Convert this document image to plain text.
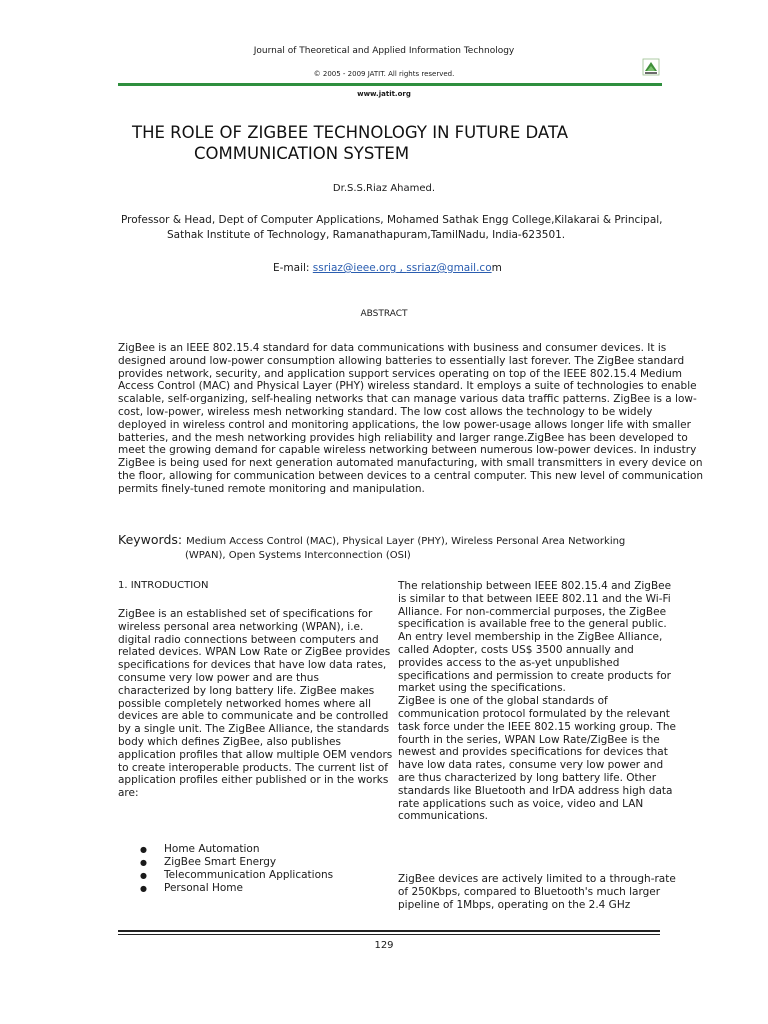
Journal of Theoretical and Applied Information Technology
© 2005 - 2009 JATIT. All rights reserved.
www.jatit.org
THE ROLE OF ZIGBEE TECHNOLOGY IN FUTURE DATA
COMMUNICATION SYSTEM
Dr.S.S.Riaz Ahamed.
Professor & Head, Dept of Computer Applications, Mohamed Sathak Engg College,Kilakarai & Principal,
Sathak Institute of Technology, Ramanathapuram,TamilNadu, India-623501.
E-mail: ssriaz@ieee.org , ssriaz@gmail.com
ABSTRACT

ZigBee is an IEEE 802.15.4 standard for data communications with business and consumer devices. It is designed around low-power consumption allowing batteries to essentially last forever. The ZigBee standard

provides network, security, and application support services operating on top of the IEEE 802.15.4 Medium

Access Control (MAC) and Physical Layer (PHY) wireless standard. It employs a suite of technologies to enable scalable, self-organizing, self-healing networks that can manage various data traffic patterns. ZigBee is a low-cost, low-power, wireless mesh networking standard. The low cost allows the technology to be widely deployed in wireless control and monitoring applications, the low power-usage allows longer life with smaller batteries, and the mesh networking provides high reliability and larger range.ZigBee has been developed to meet the growing demand for capable wireless networking between numerous low-power devices. In industry ZigBee is being used for next generation automated manufacturing, with small transmitters in every device on the floor, allowing for communication between devices to a central computer. This new level of communication permits finely-tuned remote monitoring and manipulation.

Keywords: Medium Access Control (MAC), Physical Layer (PHY), Wireless Personal Area Networking
(WPAN), Open Systems Interconnection (OSI)
1. INTRODUCTION

ZigBee is an established set of specifications for wireless personal area networking (WPAN), i.e. digital radio connections between computers and related devices. WPAN Low Rate or ZigBee provides specifications for devices that have low data rates, consume very low power and are thus characterized by long battery life. ZigBee makes possible completely networked homes where all devices are able to communicate and be controlled by a single unit. The ZigBee Alliance, the standards body which defines ZigBee, also publishes application profiles that allow multiple OEM vendors to create interoperable products. The current list of application profiles either published or in the works are:

●	Home Automation
●	ZigBee Smart Energy
●	Telecommunication Applications
●	Personal Home

The relationship between IEEE 802.15.4 and ZigBee is similar to that between IEEE 802.11 and the Wi-Fi Alliance. For non-commercial purposes, the ZigBee specification is available free to the general public. An entry level membership in the ZigBee Alliance, called Adopter, costs US$ 3500 annually and provides access to the as-yet unpublished specifications and permission to create products for market using the specifications.

ZigBee is one of the global standards of communication protocol formulated by the relevant task force under the IEEE 802.15 working group. The fourth in the series, WPAN Low Rate/ZigBee is the newest and provides specifications for devices that have low data rates, consume very low power and are thus characterized by long battery life. Other standards like Bluetooth and IrDA address high data rate applications such as voice, video and LAN communications.

ZigBee devices are actively limited to a through-rate of 250Kbps, compared to Bluetooth's much larger pipeline of 1Mbps, operating on the 2.4 GHz

129
